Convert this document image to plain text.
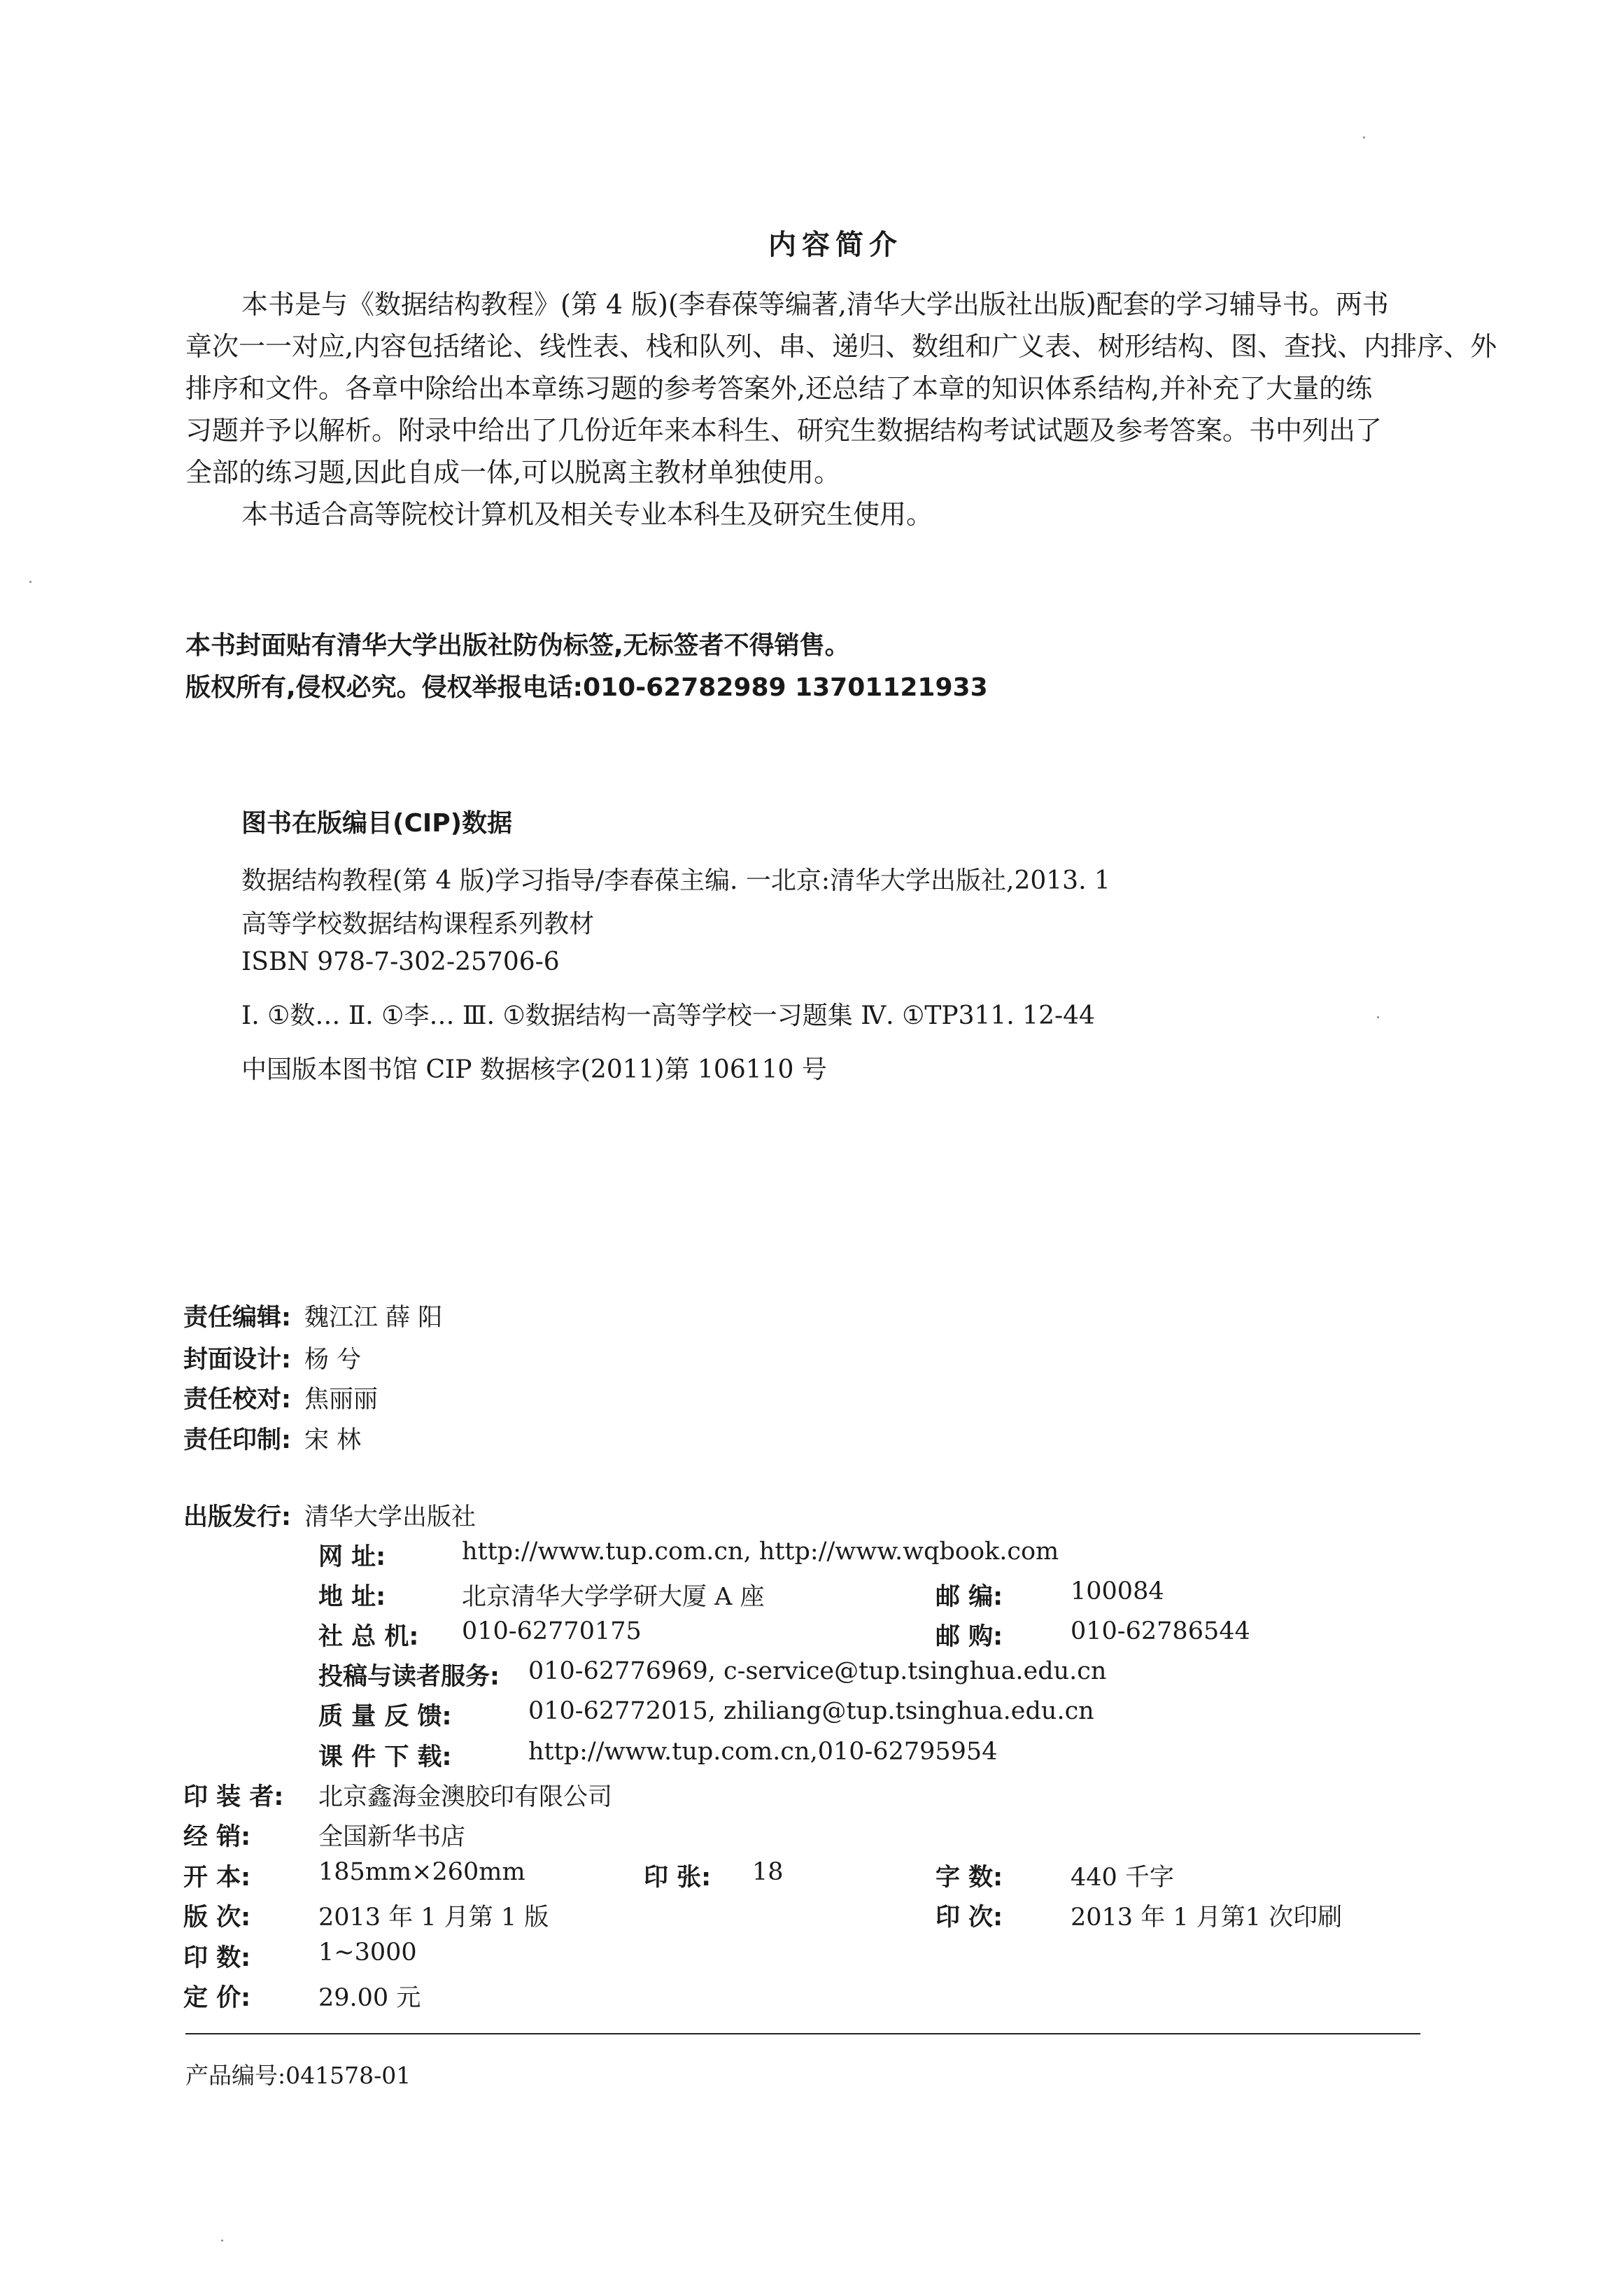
内容简介
本书是与《数据结构教程》(第 4 版)(李春葆等编著,清华大学出版社出版)配套的学习辅导书。两书
章次一一对应,内容包括绪论、线性表、栈和队列、串、递归、数组和广义表、树形结构、图、查找、内排序、外
排序和文件。各章中除给出本章练习题的参考答案外,还总结了本章的知识体系结构,并补充了大量的练
习题并予以解析。附录中给出了几份近年来本科生、研究生数据结构考试试题及参考答案。书中列出了
全部的练习题,因此自成一体,可以脱离主教材单独使用。
本书适合高等院校计算机及相关专业本科生及研究生使用。
本书封面贴有清华大学出版社防伪标签,无标签者不得销售。
版权所有,侵权必究。侵权举报电话:010-62782989 13701121933
图书在版编目(CIP)数据
数据结构教程(第 4 版)学习指导/李春葆主编. 一北京:清华大学出版社,2013. 1
高等学校数据结构课程系列教材
ISBN 978-7-302-25706-6
Ⅰ. ①数… Ⅱ. ①李… Ⅲ. ①数据结构一高等学校一习题集 Ⅳ. ①TP311. 12-44
中国版本图书馆 CIP 数据核字(2011)第 106110 号
责任编辑: 魏江江 薛 阳
封面设计: 杨 兮
责任校对: 焦丽丽
责任印制: 宋 林
出版发行: 清华大学出版社
网 址:	http://www.tup.com.cn, http://www.wqbook.com
地 址:	北京清华大学学研大厦 A 座	邮 编:	100084
社 总 机: 010-62770175	邮 购:	010-62786544
投稿与读者服务: 010-62776969, c-service@tup.tsinghua.edu.cn
质 量 反 馈:	010-62772015, zhiliang@tup.tsinghua.edu.cn
课 件 下 载:	http://www.tup.com.cn,010-62795954
印 装 者: 北京鑫海金澳胶印有限公司
经 销:	全国新华书店
开 本:	185mm×260mm	印 张: 18	字 数:	440 千字
版 次:	2013 年 1 月第 1 版	印 次:	2013 年 1 月第1 次印刷
印 数:	1~3000
定 价:	29.00 元
产品编号:041578-01
